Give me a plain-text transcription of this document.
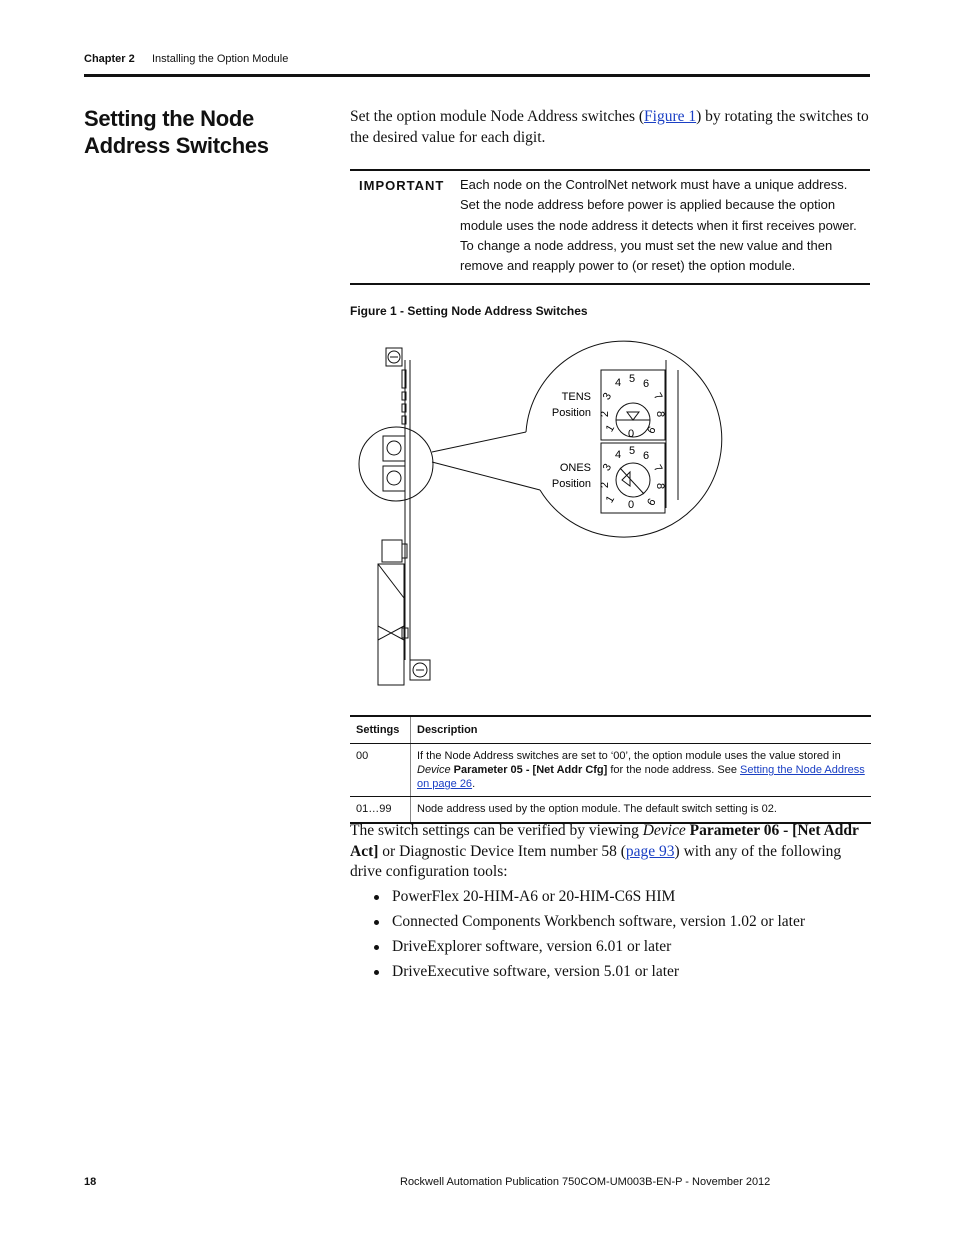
Chapter 2 Installing the Option Module
Setting the Node Address Switches
Set the option module Node Address switches (Figure 1) by rotating the switches to the desired value for each digit.
IMPORTANT Each node on the ControlNet network must have a unique address. Set the node address before power is applied because the option module uses the node address it detects when it first receives power. To change a node address, you must set the new value and then remove and reapply power to (or reset) the option module.
Figure 1 - Setting Node Address Switches
TENS
Position
ONES
Position
0
1
2
3
4 5 6
7
8
9
0
1
2
3
4 5 6
7
8
9
Settings	Description
00	If the Node Address switches are set to ‘00’, the option module uses the value stored in Device Parameter 05 - [Net Addr Cfg] for the node address. See Setting the Node Address on page 26.
01…99	Node address used by the option module. The default switch setting is 02.
The switch settings can be verified by viewing Device Parameter 06 - [Net Addr Act] or Diagnostic Device Item number 58 (page 93) with any of the following drive configuration tools:
PowerFlex 20-HIM-A6 or 20-HIM-C6S HIM
Connected Components Workbench software, version 1.02 or later
DriveExplorer software, version 6.01 or later
DriveExecutive software, version 5.01 or later
18	Rockwell Automation Publication 750COM-UM003B-EN-P - November 2012
